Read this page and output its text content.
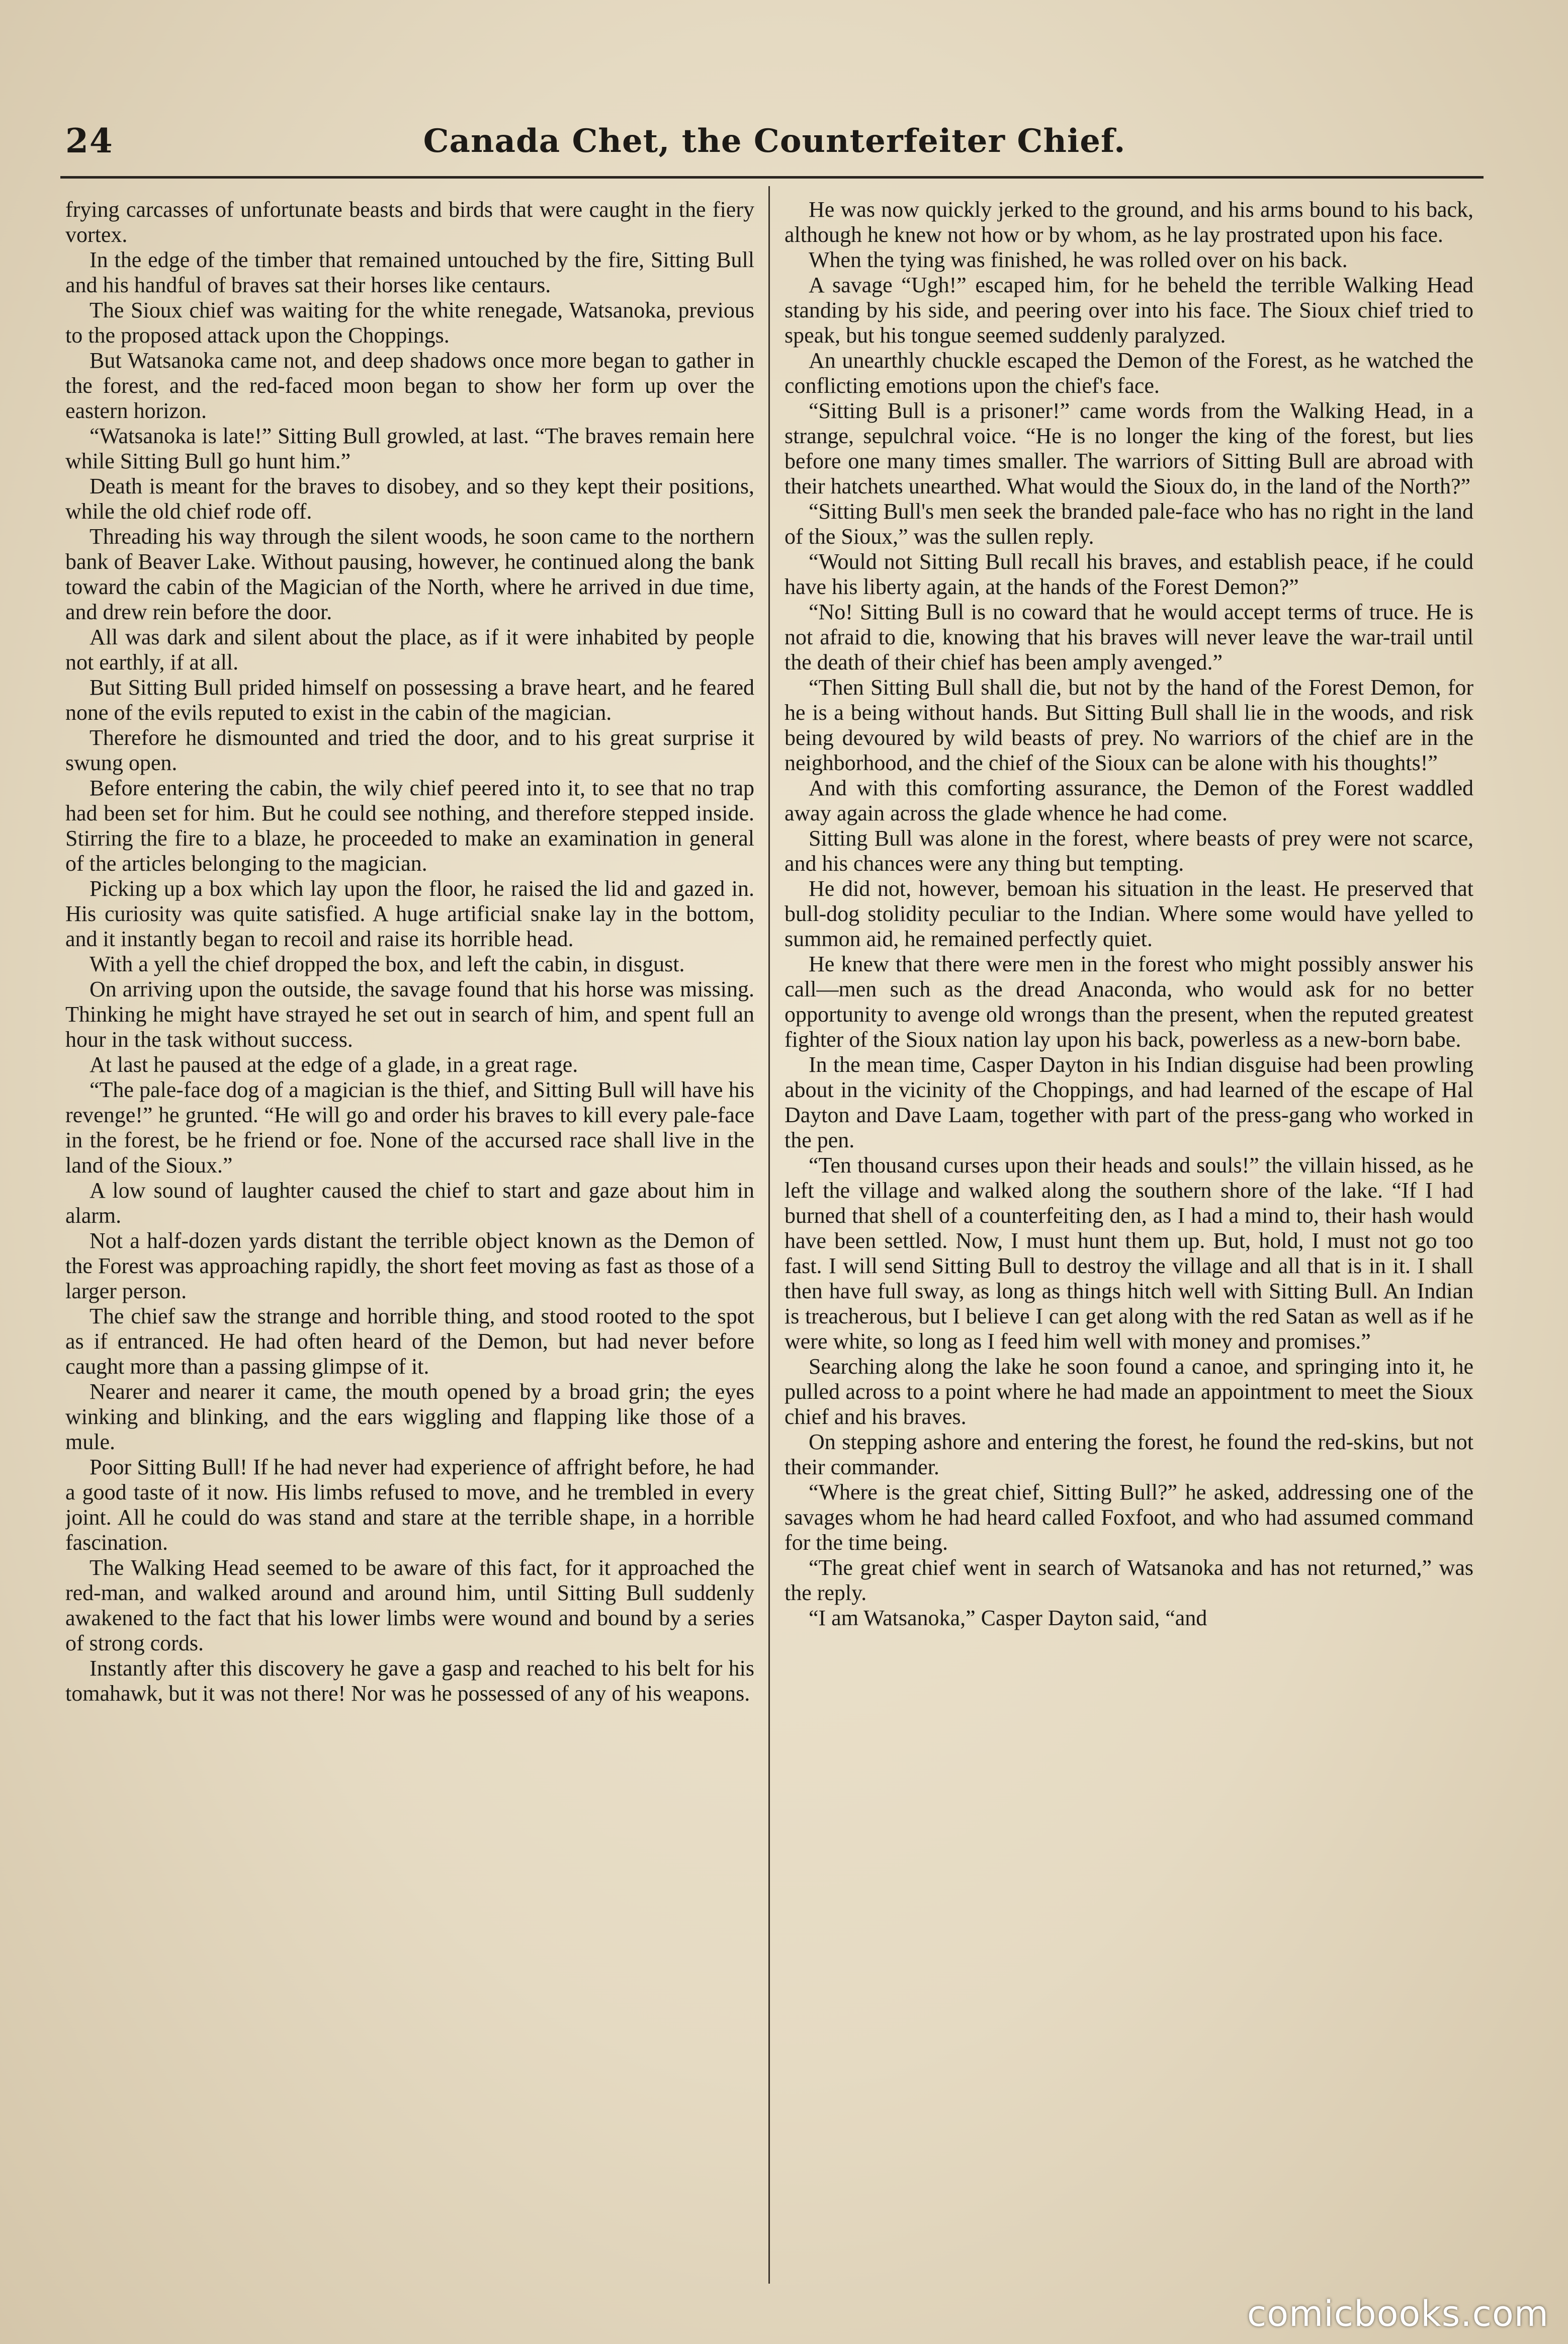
24	Canada Chet, the Counterfeiter Chief.

frying carcasses of unfortunate beasts and birds that were caught in the fiery vortex.

In the edge of the timber that remained untouched by the fire, Sitting Bull and his handful of braves sat their horses like centaurs.

The Sioux chief was waiting for the white renegade, Watsanoka, previous to the proposed attack upon the Choppings.

But Watsanoka came not, and deep shadows once more began to gather in the forest, and the red-faced moon began to show her form up over the eastern horizon.

“Watsanoka is late!” Sitting Bull growled, at last. “The braves remain here while Sitting Bull go hunt him.”

Death is meant for the braves to disobey, and so they kept their positions, while the old chief rode off.

Threading his way through the silent woods, he soon came to the northern bank of Beaver Lake. Without pausing, however, he continued along the bank toward the cabin of the Magician of the North, where he arrived in due time, and drew rein before the door.

All was dark and silent about the place, as if it were inhabited by people not earthly, if at all.

But Sitting Bull prided himself on possessing a brave heart, and he feared none of the evils reputed to exist in the cabin of the magician.

Therefore he dismounted and tried the door, and to his great surprise it swung open.

Before entering the cabin, the wily chief peered into it, to see that no trap had been set for him. But he could see nothing, and therefore stepped inside. Stirring the fire to a blaze, he proceeded to make an examination in general of the articles belonging to the magician.

Picking up a box which lay upon the floor, he raised the lid and gazed in. His curiosity was quite satisfied. A huge artificial snake lay in the bottom, and it instantly began to recoil and raise its horrible head.

With a yell the chief dropped the box, and left the cabin, in disgust.

On arriving upon the outside, the savage found that his horse was missing. Thinking he might have strayed he set out in search of him, and spent full an hour in the task without success.

At last he paused at the edge of a glade, in a great rage.

“The pale-face dog of a magician is the thief, and Sitting Bull will have his revenge!” he grunted. “He will go and order his braves to kill every pale-face in the forest, be he friend or foe. None of the accursed race shall live in the land of the Sioux.”

A low sound of laughter caused the chief to start and gaze about him in alarm.

Not a half-dozen yards distant the terrible object known as the Demon of the Forest was approaching rapidly, the short feet moving as fast as those of a larger person.

The chief saw the strange and horrible thing, and stood rooted to the spot as if entranced. He had often heard of the Demon, but had never before caught more than a passing glimpse of it.

Nearer and nearer it came, the mouth opened by a broad grin; the eyes winking and blinking, and the ears wiggling and flapping like those of a mule.

Poor Sitting Bull! If he had never had experience of affright before, he had a good taste of it now. His limbs refused to move, and he trembled in every joint. All he could do was stand and stare at the terrible shape, in a horrible fascination.

The Walking Head seemed to be aware of this fact, for it approached the red-man, and walked around and around him, until Sitting Bull suddenly awakened to the fact that his lower limbs were wound and bound by a series of strong cords.

Instantly after this discovery he gave a gasp and reached to his belt for his tomahawk, but it was not there! Nor was he possessed of any of his weapons.

He was now quickly jerked to the ground, and his arms bound to his back, although he knew not how or by whom, as he lay prostrated upon his face.

When the tying was finished, he was rolled over on his back.

A savage “Ugh!” escaped him, for he beheld the terrible Walking Head standing by his side, and peering over into his face. The Sioux chief tried to speak, but his tongue seemed suddenly paralyzed.

An unearthly chuckle escaped the Demon of the Forest, as he watched the conflicting emotions upon the chief's face.

“Sitting Bull is a prisoner!” came words from the Walking Head, in a strange, sepulchral voice. “He is no longer the king of the forest, but lies before one many times smaller. The warriors of Sitting Bull are abroad with their hatchets unearthed. What would the Sioux do, in the land of the North?”

“Sitting Bull's men seek the branded pale-face who has no right in the land of the Sioux,” was the sullen reply.

“Would not Sitting Bull recall his braves, and establish peace, if he could have his liberty again, at the hands of the Forest Demon?”

“No! Sitting Bull is no coward that he would accept terms of truce. He is not afraid to die, knowing that his braves will never leave the war-trail until the death of their chief has been amply avenged.”

“Then Sitting Bull shall die, but not by the hand of the Forest Demon, for he is a being without hands. But Sitting Bull shall lie in the woods, and risk being devoured by wild beasts of prey. No warriors of the chief are in the neighborhood, and the chief of the Sioux can be alone with his thoughts!”

And with this comforting assurance, the Demon of the Forest waddled away again across the glade whence he had come.

Sitting Bull was alone in the forest, where beasts of prey were not scarce, and his chances were any thing but tempting.

He did not, however, bemoan his situation in the least. He preserved that bull-dog stolidity peculiar to the Indian. Where some would have yelled to summon aid, he remained perfectly quiet.

He knew that there were men in the forest who might possibly answer his call—men such as the dread Anaconda, who would ask for no better opportunity to avenge old wrongs than the present, when the reputed greatest fighter of the Sioux nation lay upon his back, powerless as a new-born babe.

In the mean time, Casper Dayton in his Indian disguise had been prowling about in the vicinity of the Choppings, and had learned of the escape of Hal Dayton and Dave Laam, together with part of the press-gang who worked in the pen.

“Ten thousand curses upon their heads and souls!” the villain hissed, as he left the village and walked along the southern shore of the lake. “If I had burned that shell of a counterfeiting den, as I had a mind to, their hash would have been settled. Now, I must hunt them up. But, hold, I must not go too fast. I will send Sitting Bull to destroy the village and all that is in it. I shall then have full sway, as long as things hitch well with Sitting Bull. An Indian is treacherous, but I believe I can get along with the red Satan as well as if he were white, so long as I feed him well with money and promises.”

Searching along the lake he soon found a canoe, and springing into it, he pulled across to a point where he had made an appointment to meet the Sioux chief and his braves.

On stepping ashore and entering the forest, he found the red-skins, but not their commander.

“Where is the great chief, Sitting Bull?” he asked, addressing one of the savages whom he had heard called Foxfoot, and who had assumed command for the time being.

“The great chief went in search of Watsanoka and has not returned,” was the reply.

“I am Watsanoka,” Casper Dayton said, “and

comicbooks.com
